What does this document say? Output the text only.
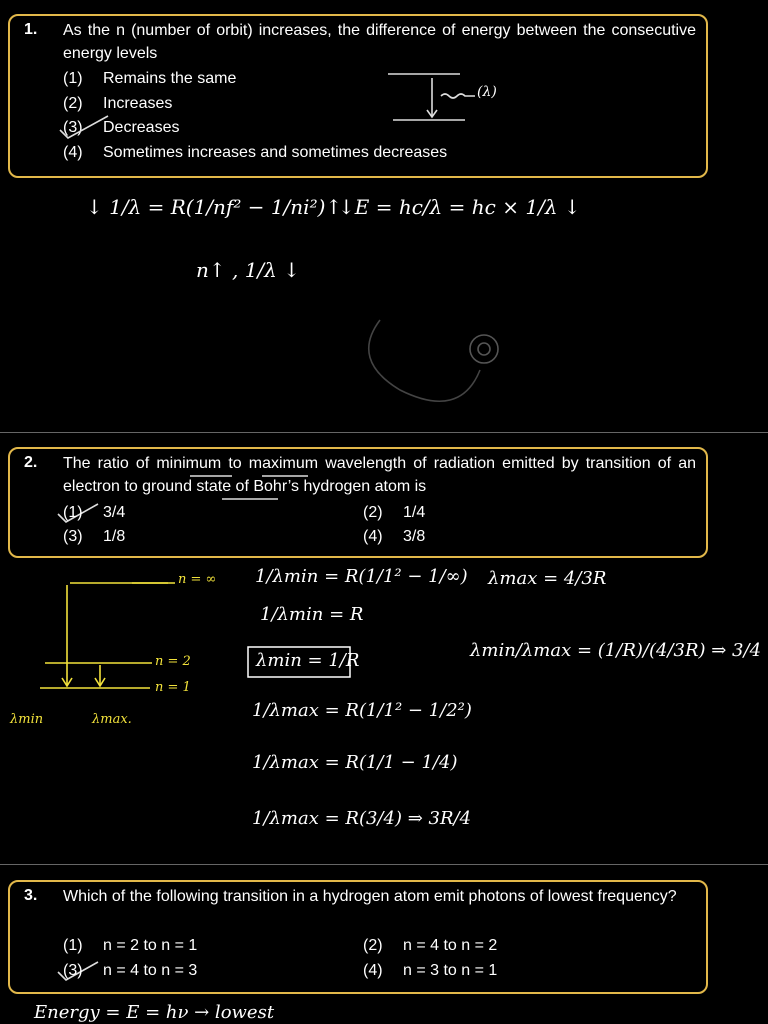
1. As the n (number of orbit) increases, the difference of energy between the consecutive energy levels
(1) Remains the same
(2) Increases
(3) Decreases
(4) Sometimes increases and sometimes decreases
(λ)
↓ 1/λ = R(1/nf² − 1/ni²)↑
↓E = hc/λ = hc × 1/λ ↓
n↑ , 1/λ ↓
2. The ratio of minimum to maximum wavelength of radiation emitted by transition of an electron to ground state of Bohr’s hydrogen atom is
(1) 3/4	(2) 1/4
(3) 1/8	(4) 3/8
n = ∞
n = 2
n = 1
λmin	λmax.
1/λmin = R(1/1² − 1/∞)
1/λmin = R
λmin = 1/R
1/λmax = R(1/1² − 1/2²)
1/λmax = R(1/1 − 1/4)
1/λmax = R(3/4) ⇒ 3R/4
λmax = 4/3R
λmin/λmax = (1/R)/(4/3R) ⇒ 3/4
3. Which of the following transition in a hydrogen atom emit photons of lowest frequency?
(1) n = 2 to n = 1	(2) n = 4 to n = 2
(3) n = 4 to n = 3	(4) n = 3 to n = 1
Energy = E = hν → lowest
